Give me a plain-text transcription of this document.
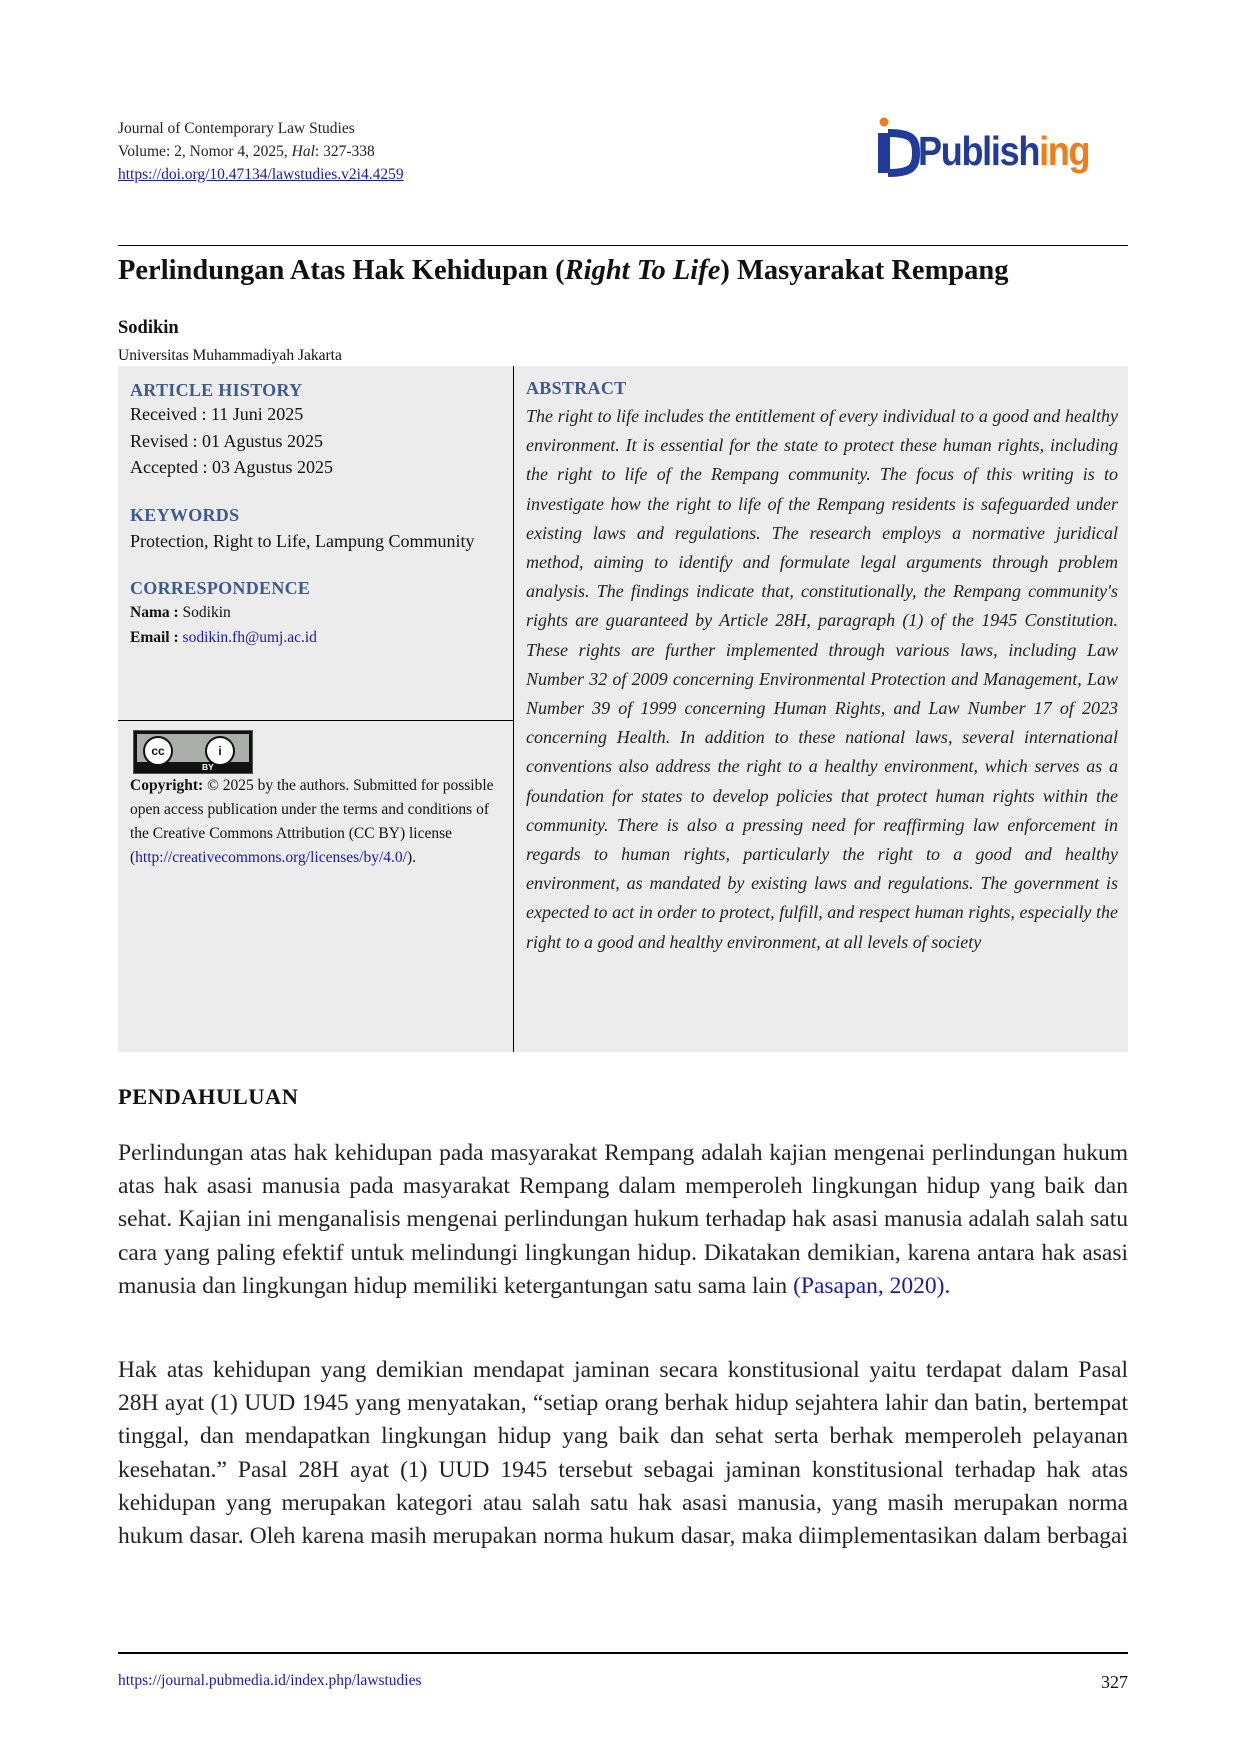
Journal of Contemporary Law Studies
Volume: 2, Nomor 4, 2025, Hal: 327-338
https://doi.org/10.47134/lawstudies.v2i4.4259
Publishing
Perlindungan Atas Hak Kehidupan (Right To Life) Masyarakat Rempang
Sodikin
Universitas Muhammadiyah Jakarta
ARTICLE HISTORY
Received : 11 Juni 2025
Revised : 01 Agustus 2025
Accepted : 03 Agustus 2025
KEYWORDS
Protection, Right to Life, Lampung Community
CORRESPONDENCE
Nama : Sodikin
Email : sodikin.fh@umj.ac.id
cc	i
BY
Copyright: © 2025 by the authors. Submitted for possible open access publication under the terms and conditions of the Creative Commons Attribution (CC BY) license
(http://creativecommons.org/licenses/by/4.0/).
ABSTRACT
The right to life includes the entitlement of every individual to a good and healthy environment. It is essential for the state to protect these human rights, including the right to life of the Rempang community. The focus of this writing is to investigate how the right to life of the Rempang residents is safeguarded under existing laws and regulations. The research employs a normative juridical method, aiming to identify and formulate legal arguments through problem analysis. The findings indicate that, constitutionally, the Rempang community's rights are guaranteed by Article 28H, paragraph (1) of the 1945 Constitution. These rights are further implemented through various laws, including Law Number 32 of 2009 concerning Environmental Protection and Management, Law Number 39 of 1999 concerning Human Rights, and Law Number 17 of 2023 concerning Health. In addition to these national laws, several international conventions also address the right to a healthy environment, which serves as a foundation for states to develop policies that protect human rights within the community. There is also a pressing need for reaffirming law enforcement in regards to human rights, particularly the right to a good and healthy environment, as mandated by existing laws and regulations. The government is expected to act in order to protect, fulfill, and respect human rights, especially the right to a good and healthy environment, at all levels of society
PENDAHULUAN
Perlindungan atas hak kehidupan pada masyarakat Rempang adalah kajian mengenai perlindungan hukum atas hak asasi manusia pada masyarakat Rempang dalam memperoleh lingkungan hidup yang baik dan sehat. Kajian ini menganalisis mengenai perlindungan hukum terhadap hak asasi manusia adalah salah satu cara yang paling efektif untuk melindungi lingkungan hidup. Dikatakan demikian, karena antara hak asasi manusia dan lingkungan hidup memiliki ketergantungan satu sama lain (Pasapan, 2020).
Hak atas kehidupan yang demikian mendapat jaminan secara konstitusional yaitu terdapat dalam Pasal 28H ayat (1) UUD 1945 yang menyatakan, “setiap orang berhak hidup sejahtera lahir dan batin, bertempat tinggal, dan mendapatkan lingkungan hidup yang baik dan sehat serta berhak memperoleh pelayanan kesehatan.” Pasal 28H ayat (1) UUD 1945 tersebut sebagai jaminan konstitusional terhadap hak atas kehidupan yang merupakan kategori atau salah satu hak asasi manusia, yang masih merupakan norma hukum dasar. Oleh karena masih merupakan norma hukum dasar, maka diimplementasikan dalam berbagai
https://journal.pubmedia.id/index.php/lawstudies	327
